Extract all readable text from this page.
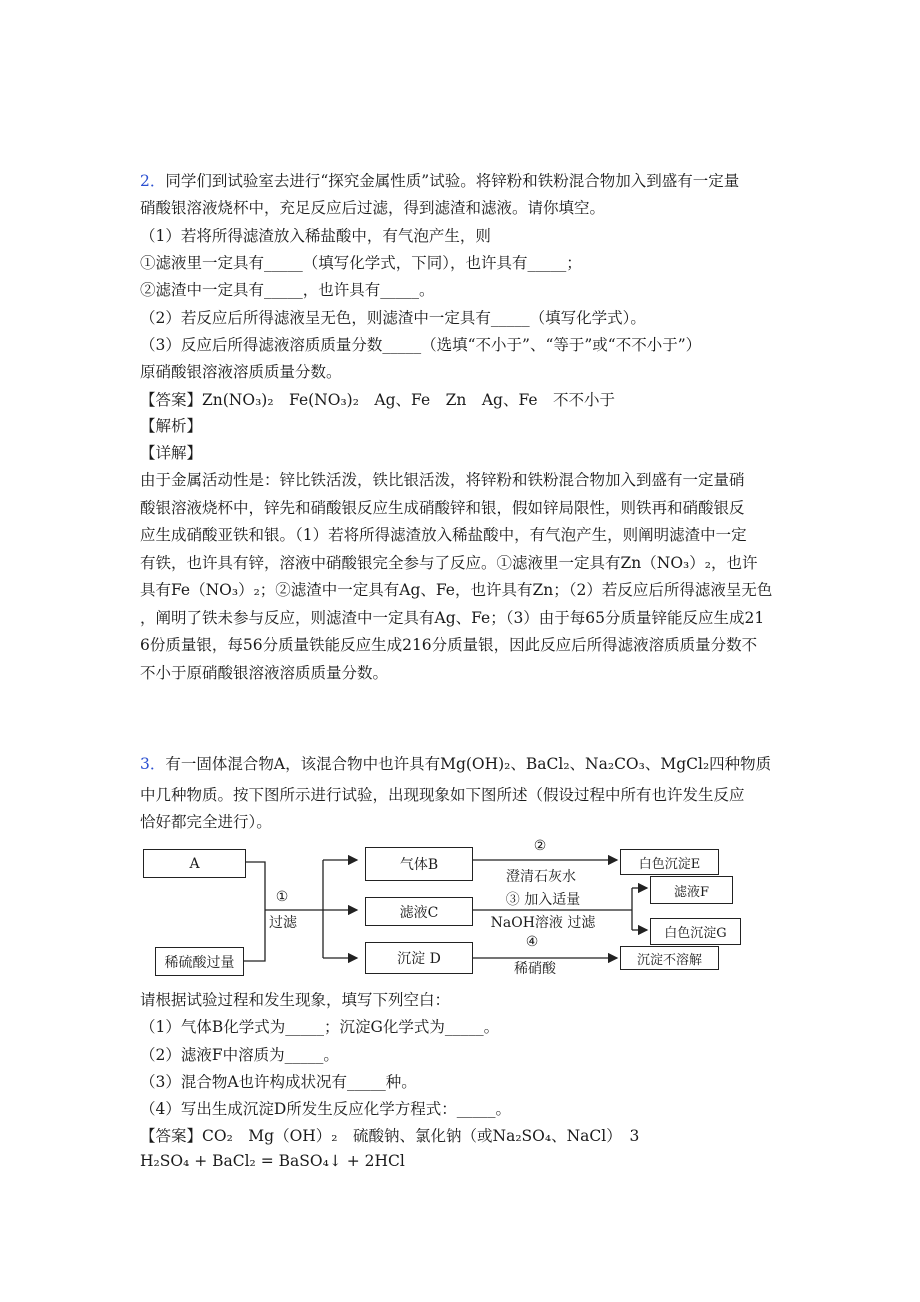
2．同学们到试验室去进行“探究金属性质”试验。将锌粉和铁粉混合物加入到盛有一定量
硝酸银溶液烧杯中，充足反应后过滤，得到滤渣和滤液。请你填空。
（1）若将所得滤渣放入稀盐酸中，有气泡产生，则
①滤液里一定具有_____（填写化学式，下同），也许具有_____；
②滤渣中一定具有_____，也许具有_____。
（2）若反应后所得滤液呈无色，则滤渣中一定具有_____（填写化学式）。
（3）反应后所得滤液溶质质量分数_____（选填“不小于”、“等于”或“不不小于”）
原硝酸银溶液溶质质量分数。
【答案】Zn(NO₃)₂　Fe(NO₃)₂　Ag、Fe　Zn　Ag、Fe　不不小于
【解析】
【详解】
由于金属活动性是：锌比铁活泼，铁比银活泼，将锌粉和铁粉混合物加入到盛有一定量硝
酸银溶液烧杯中，锌先和硝酸银反应生成硝酸锌和银，假如锌局限性，则铁再和硝酸银反
应生成硝酸亚铁和银。（1）若将所得滤渣放入稀盐酸中，有气泡产生，则阐明滤渣中一定
有铁，也许具有锌，溶液中硝酸银完全参与了反应。①滤液里一定具有Zn（NO₃）₂，也许
具有Fe（NO₃）₂；②滤渣中一定具有Ag、Fe，也许具有Zn；（2）若反应后所得滤液呈无色
，阐明了铁未参与反应，则滤渣中一定具有Ag、Fe；（3）由于每65分质量锌能反应生成21
6份质量银，每56分质量铁能反应生成216分质量银，因此反应后所得滤液溶质质量分数不
不小于原硝酸银溶液溶质质量分数。
3．有一固体混合物A，该混合物中也许具有Mg(OH)₂、BaCl₂、Na₂CO₃、MgCl₂四种物质
中几种物质。按下图所示进行试验，出现现象如下图所述（假设过程中所有也许发生反应
恰好都完全进行）。
A
稀硫酸过量
①
过滤
气体B
滤液C
沉淀 D
②
澄清石灰水
③ 加入适量
NaOH溶液 过滤
④
稀硝酸
白色沉淀E
滤液F
白色沉淀G
沉淀不溶解
请根据试验过程和发生现象，填写下列空白：
（1）气体B化学式为_____；沉淀G化学式为_____。
（2）滤液F中溶质为_____。
（3）混合物A也许构成状况有_____种。
（4）写出生成沉淀D所发生反应化学方程式：_____。
【答案】CO₂　Mg（OH）₂　硫酸钠、氯化钠（或Na₂SO₄、NaCl）　3
H₂SO₄ + BaCl₂ = BaSO₄↓ + 2HCl
